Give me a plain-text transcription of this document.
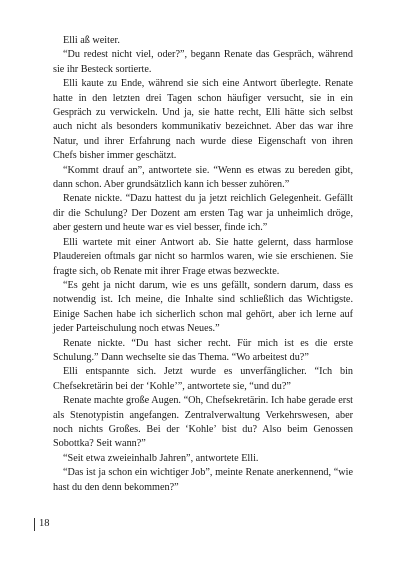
Elli aß weiter.

“Du redest nicht viel, oder?”, begann Renate das Gespräch, während sie ihr Besteck sortierte.

Elli kaute zu Ende, während sie sich eine Antwort überlegte. Renate hatte in den letzten drei Tagen schon häufiger versucht, sie in ein Gespräch zu verwickeln. Und ja, sie hatte recht, Elli hätte sich selbst auch nicht als besonders kommunikativ bezeichnet. Aber das war ihre Natur, und ihrer Erfahrung nach wurde diese Eigenschaft von ihren Chefs bisher immer geschätzt.

“Kommt drauf an”, antwortete sie. “Wenn es etwas zu bereden gibt, dann schon. Aber grundsätzlich kann ich besser zuhören.”

Renate nickte. “Dazu hattest du ja jetzt reichlich Gelegenheit. Gefällt dir die Schulung? Der Dozent am ersten Tag war ja unheimlich dröge, aber gestern und heute war es viel besser, finde ich.”

Elli wartete mit einer Antwort ab. Sie hatte gelernt, dass harmlose Plaudereien oftmals gar nicht so harmlos waren, wie sie erschienen. Sie fragte sich, ob Renate mit ihrer Frage etwas bezweckte.

“Es geht ja nicht darum, wie es uns gefällt, sondern darum, dass es notwendig ist. Ich meine, die Inhalte sind schließlich das Wichtigste. Einige Sachen habe ich sicherlich schon mal gehört, aber ich lerne auf jeder Parteischulung noch etwas Neues.”

Renate nickte. “Du hast sicher recht. Für mich ist es die erste Schulung.” Dann wechselte sie das Thema. “Wo arbeitest du?”

Elli entspannte sich. Jetzt wurde es unverfänglicher. “Ich bin Chefsekretärin bei der ‘Kohle’”, antwortete sie, “und du?”

Renate machte große Augen. “Oh, Chefsekretärin. Ich habe gerade erst als Stenotypistin angefangen. Zentralverwaltung Verkehrswesen, aber noch nichts Großes. Bei der ‘Kohle’ bist du? Also beim Genossen Sobottka? Seit wann?”

“Seit etwa zweieinhalb Jahren”, antwortete Elli.

“Das ist ja schon ein wichtiger Job”, meinte Renate anerkennend, “wie hast du den denn bekommen?”

18
